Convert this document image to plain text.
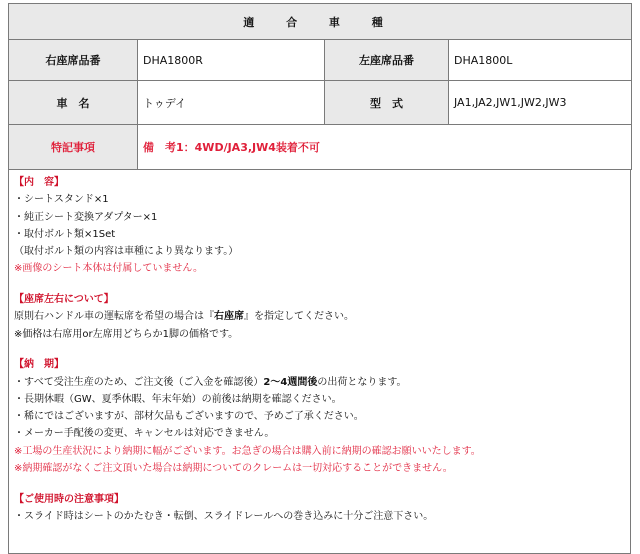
適 合 車 種			
右座席品番	DHA1800R	左座席品番	DHA1800L
車　名	トゥデイ	型　式	JA1,JA2,JW1,JW2,JW3
特記事項	備　考1：4WD/JA3,JW4装着不可		
【内　容】
・シートスタンド×1
・純正シート変換アダプター×1
・取付ボルト類×1Set
（取付ボルト類の内容は車種により異なります。）
※画像のシート本体は付属していません。
【座席左右について】
原則右ハンドル車の運転席を希望の場合は『右座席』を指定してください。
※価格は右席用or左席用どちらか1脚の価格です。
【納　期】
・すべて受注生産のため、ご注文後（ご入金を確認後）2〜4週間後の出荷となります。
・長期休暇（GW、夏季休暇、年末年始）の前後は納期を確認ください。
・稀にではございますが、部材欠品もございますので、予めご了承ください。
・メーカー手配後の変更、キャンセルは対応できません。
※工場の生産状況により納期に幅がございます。お急ぎの場合は購入前に納期の確認お願いいたします。
※納期確認がなくご注文頂いた場合は納期についてのクレームは一切対応することができません。
【ご使用時の注意事項】
・スライド時はシートのかたむき・転倒、スライドレールへの巻き込みに十分ご注意下さい。
